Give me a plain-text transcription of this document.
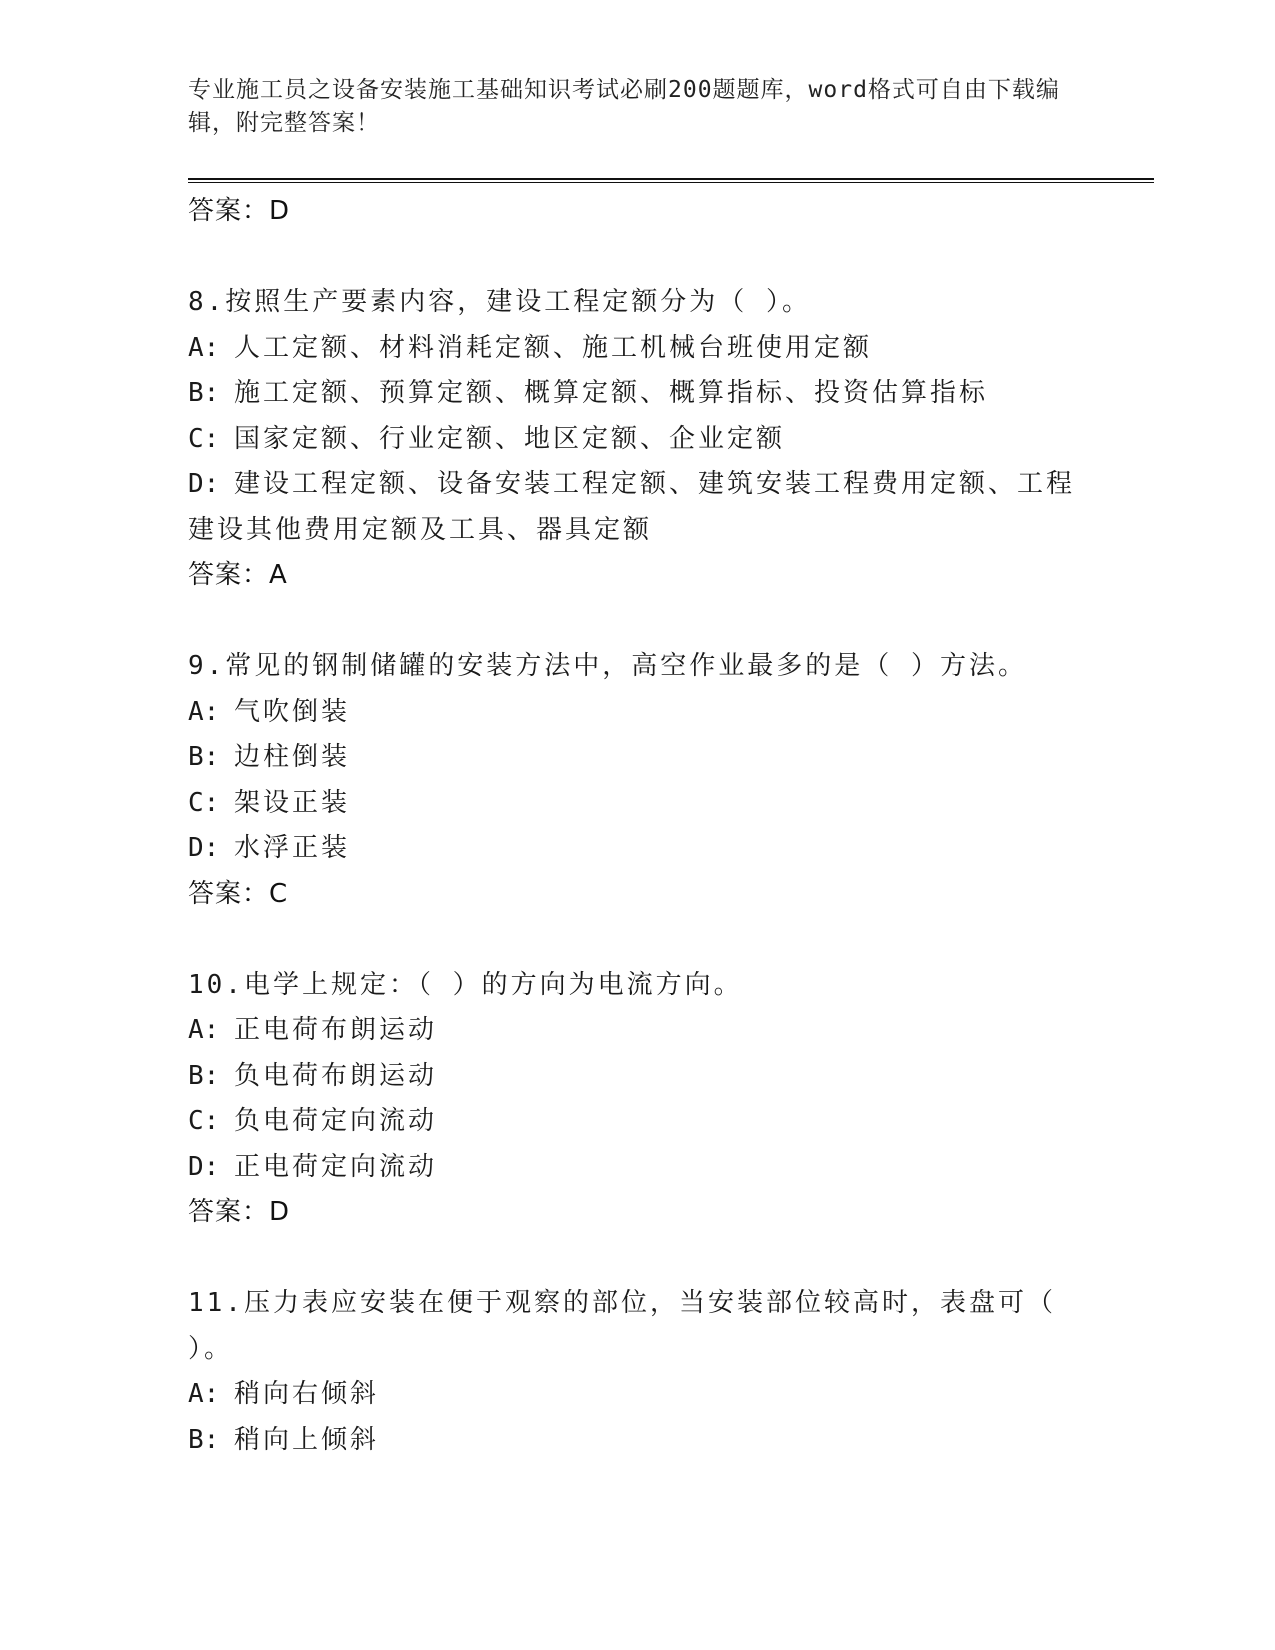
专业施工员之设备安装施工基础知识考试必刷200题题库，word格式可自由下载编辑，附完整答案！
答案：D
8.按照生产要素内容，建设工程定额分为（ ）。
A: 人工定额、材料消耗定额、施工机械台班使用定额
B: 施工定额、预算定额、概算定额、概算指标、投资估算指标
C: 国家定额、行业定额、地区定额、企业定额
D: 建设工程定额、设备安装工程定额、建筑安装工程费用定额、工程建设其他费用定额及工具、器具定额
答案：A
9.常见的钢制储罐的安装方法中，高空作业最多的是（ ）方法。
A: 气吹倒装
B: 边柱倒装
C: 架设正装
D: 水浮正装
答案：C
10.电学上规定：（ ）的方向为电流方向。
A: 正电荷布朗运动
B: 负电荷布朗运动
C: 负电荷定向流动
D: 正电荷定向流动
答案：D
11.压力表应安装在便于观察的部位，当安装部位较高时，表盘可（ ）。
A: 稍向右倾斜
B: 稍向上倾斜
